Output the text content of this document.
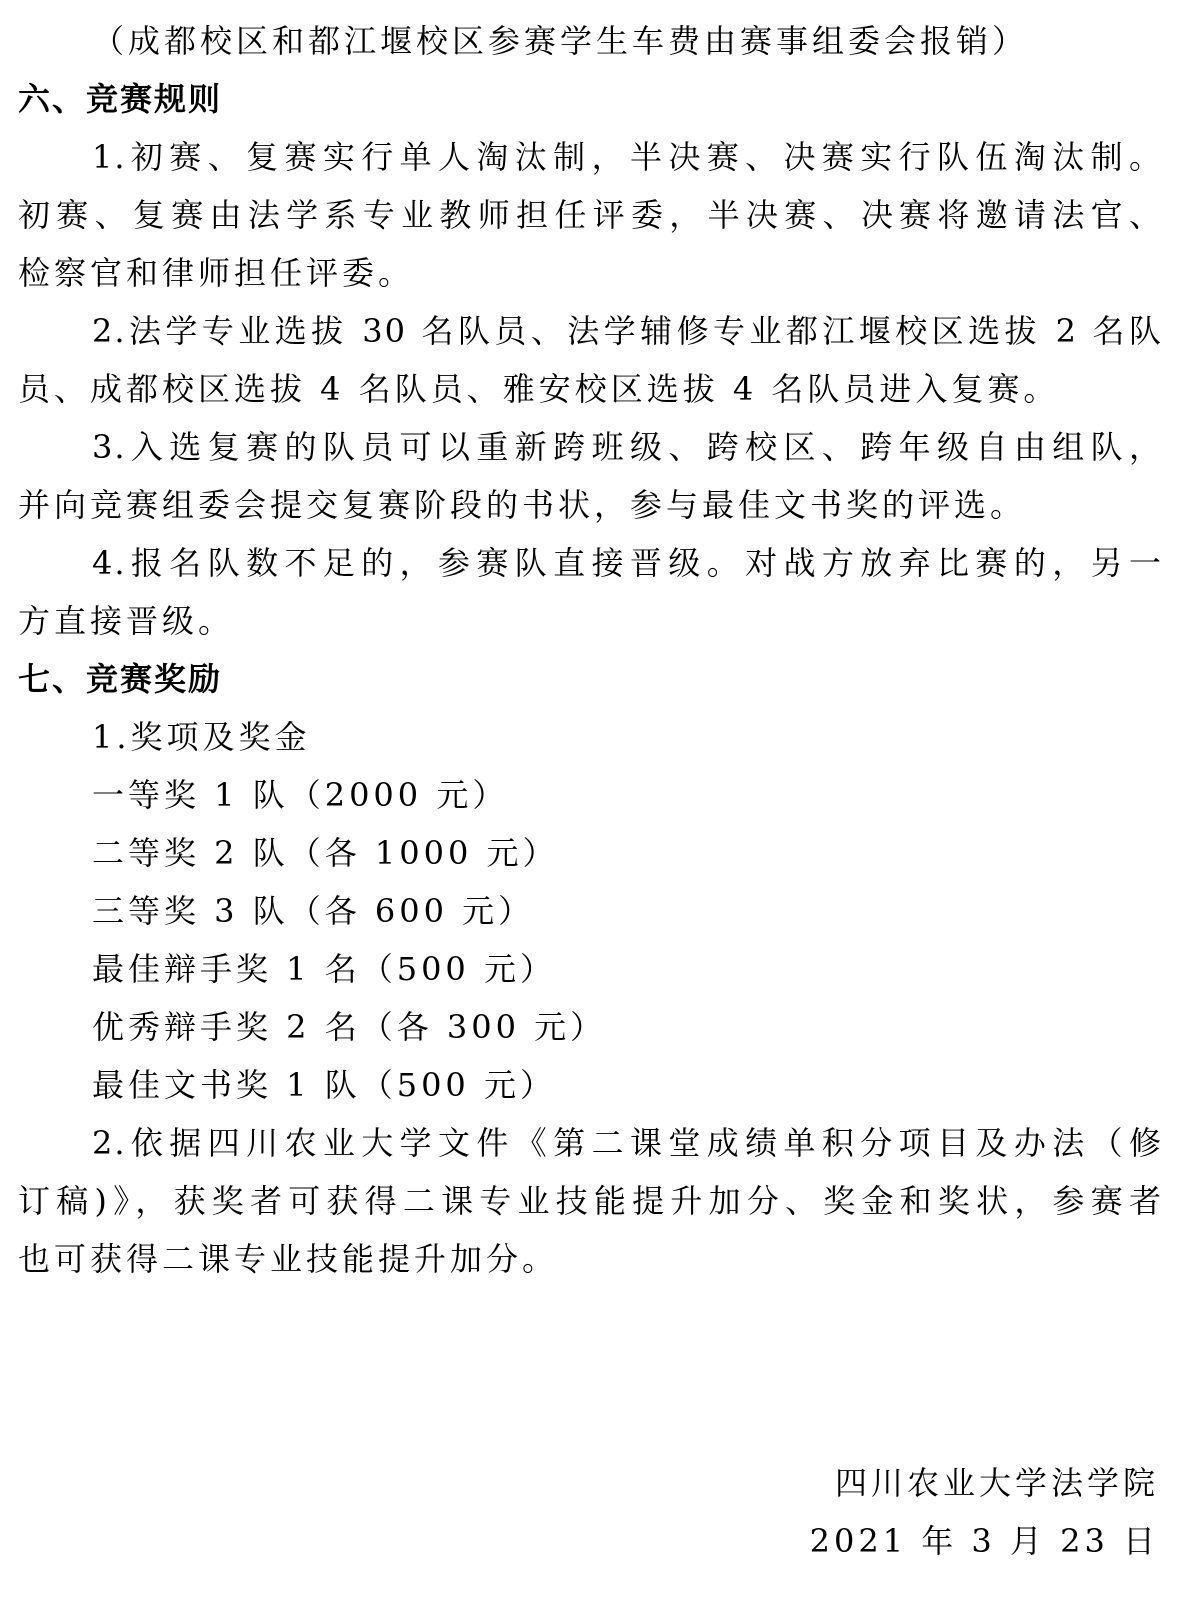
（成都校区和都江堰校区参赛学生车费由赛事组委会报销）
六、竞赛规则
1.初赛、复赛实行单人淘汰制，半决赛、决赛实行队伍淘汰制。
初赛、复赛由法学系专业教师担任评委，半决赛、决赛将邀请法官、
检察官和律师担任评委。
2.法学专业选拔 30 名队员、法学辅修专业都江堰校区选拔 2 名队
员、成都校区选拔 4 名队员、雅安校区选拔 4 名队员进入复赛。
3.入选复赛的队员可以重新跨班级、跨校区、跨年级自由组队，
并向竞赛组委会提交复赛阶段的书状，参与最佳文书奖的评选。
4.报名队数不足的，参赛队直接晋级。对战方放弃比赛的，另一
方直接晋级。
七、竞赛奖励
1.奖项及奖金
一等奖 1 队（2000 元）
二等奖 2 队（各 1000 元）
三等奖 3 队（各 600 元）
最佳辩手奖 1 名（500 元）
优秀辩手奖 2 名（各 300 元）
最佳文书奖 1 队（500 元）
2.依据四川农业大学文件《第二课堂成绩单积分项目及办法（修
订稿)》，获奖者可获得二课专业技能提升加分、奖金和奖状，参赛者
也可获得二课专业技能提升加分。
四川农业大学法学院
2021 年 3 月 23 日
